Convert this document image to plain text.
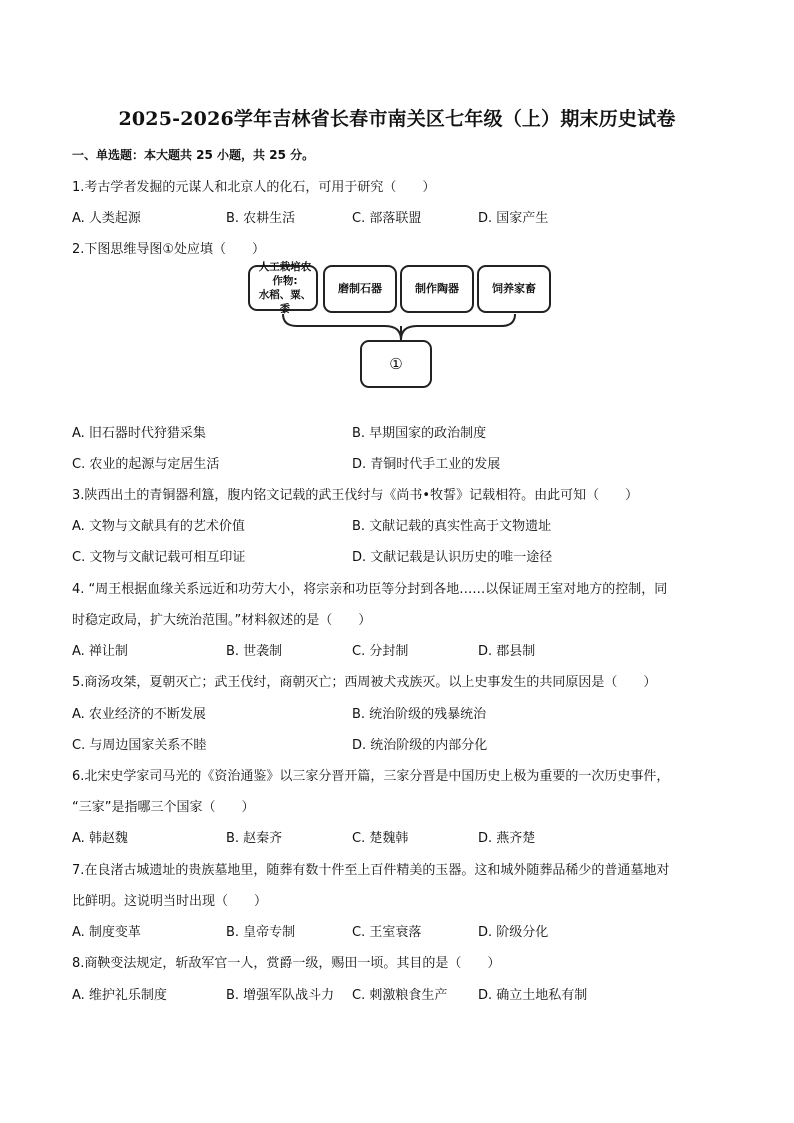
2025-2026学年吉林省长春市南关区七年级（上）期末历史试卷
一、单选题：本大题共 25 小题，共 25 分。
1.考古学者发掘的元谋人和北京人的化石，可用于研究（　　）
A. 人类起源	B. 农耕生活	C. 部落联盟	D. 国家产生
2.下图思维导图①处应填（　　）
人工栽培农作物:
水稻、粟、黍
磨制石器	制作陶器	饲养家畜
①
A. 旧石器时代狩猎采集	B. 早期国家的政治制度
C. 农业的起源与定居生活	D. 青铜时代手工业的发展
3.陕西出土的青铜器利簋，腹内铭文记载的武王伐纣与《尚书•牧誓》记载相符。由此可知（　　）
A. 文物与文献具有的艺术价值	B. 文献记载的真实性高于文物遗址
C. 文物与文献记载可相互印证	D. 文献记载是认识历史的唯一途径
4. “周王根据血缘关系远近和功劳大小，将宗亲和功臣等分封到各地……以保证周王室对地方的控制，同
时稳定政局，扩大统治范围。”材料叙述的是（　　）
A. 禅让制	B. 世袭制	C. 分封制	D. 郡县制
5.商汤攻桀，夏朝灭亡；武王伐纣，商朝灭亡；西周被犬戎族灭。以上史事发生的共同原因是（　　）
A. 农业经济的不断发展	B. 统治阶级的残暴统治
C. 与周边国家关系不睦	D. 统治阶级的内部分化
6.北宋史学家司马光的《资治通鉴》以三家分晋开篇，三家分晋是中国历史上极为重要的一次历史事件，
“三家”是指哪三个国家（　　）
A. 韩赵魏	B. 赵秦齐	C. 楚魏韩	D. 燕齐楚
7.在良渚古城遗址的贵族墓地里，随葬有数十件至上百件精美的玉器。这和城外随葬品稀少的普通墓地对
比鲜明。这说明当时出现（　　）
A. 制度变革	B. 皇帝专制	C. 王室衰落	D. 阶级分化
8.商鞅变法规定，斩敌军官一人，赏爵一级，赐田一顷。其目的是（　　）
A. 维护礼乐制度	B. 增强军队战斗力 C. 刺激粮食生产 D. 确立土地私有制
